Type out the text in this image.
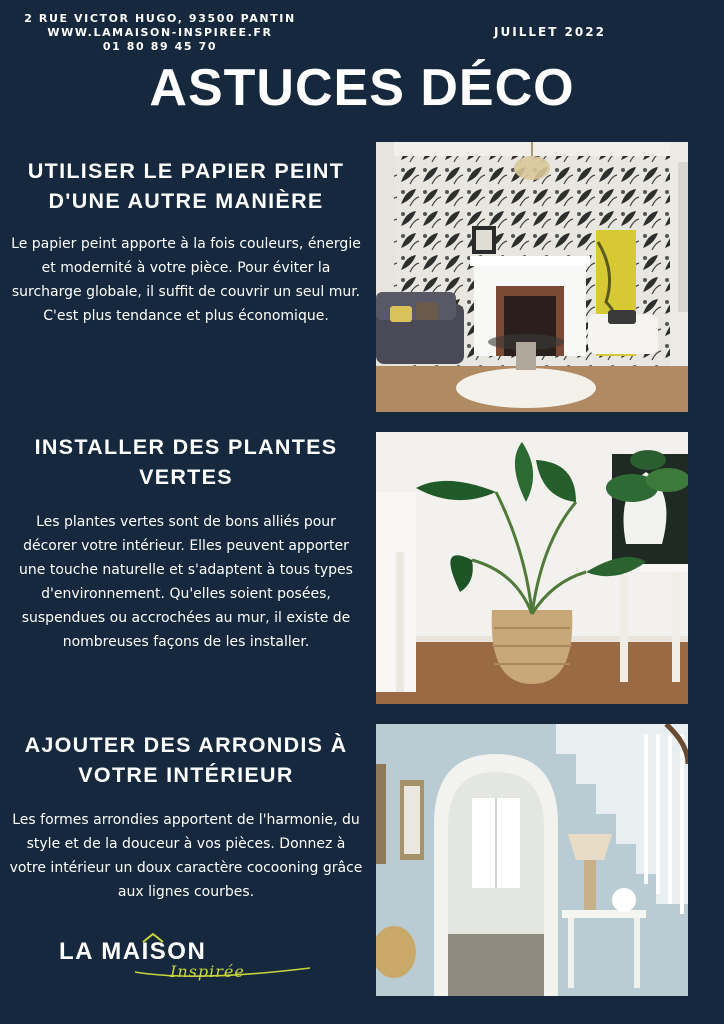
2 RUE VICTOR HUGO, 93500 PANTIN
WWW.LAMAISON-INSPIREE.FR
01 80 89 45 70
JUILLET 2022
ASTUCES DÉCO
UTILISER LE PAPIER PEINT D'UNE AUTRE MANIÈRE

Le papier peint apporte à la fois couleurs, énergie et modernité à votre pièce. Pour éviter la surcharge globale, il suffit de couvrir un seul mur. C'est plus tendance et plus économique.

INSTALLER DES PLANTES VERTES

Les plantes vertes sont de bons alliés pour décorer votre intérieur. Elles peuvent apporter une touche naturelle et s'adaptent à tous types d'environnement. Qu'elles soient posées, suspendues ou accrochées au mur, il existe de nombreuses façons de les installer.

AJOUTER DES ARRONDIS À VOTRE INTÉRIEUR

Les formes arrondies apportent de l'harmonie, du style et de la douceur à vos pièces. Donnez à votre intérieur un doux caractère cocooning grâce aux lignes courbes.

LA MAISON
Inspirée
